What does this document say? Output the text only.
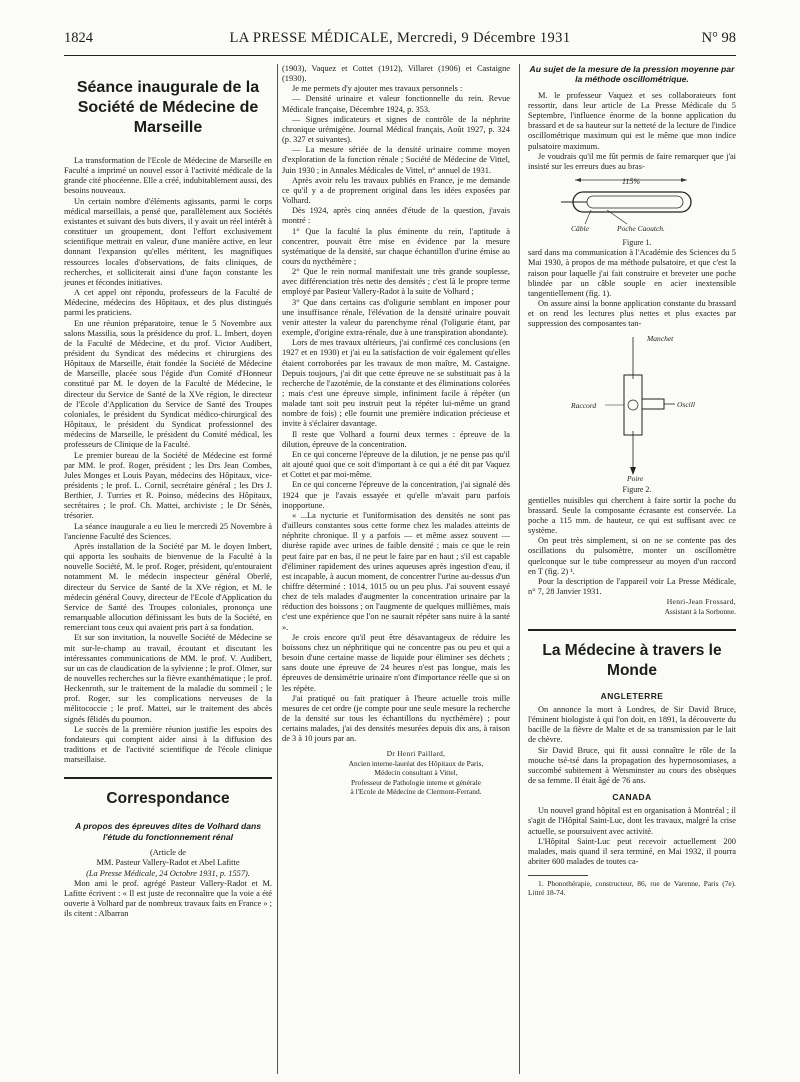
1824	LA PRESSE MÉDICALE, Mercredi, 9 Décembre 1931	N° 98
Séance inaugurale de la Société de Médecine de Marseille

La transformation de l'Ecole de Médecine de Marseille en Faculté a imprimé un nouvel essor à l'activité médicale de la grande cité phocéenne. Elle a créé, indubitablement aussi, des besoins nouveaux.

Un certain nombre d'éléments agissants, parmi le corps médical marseillais, a pensé que, parallèlement aux Sociétés existantes et suivant des buts divers, il y avait un réel intérêt à constituer un groupement, dont l'effort exclusivement scientifique mettrait en valeur, d'une manière active, en leur donnant l'expansion qu'elles méritent, les magnifiques ressources locales d'observations, de faits cliniques, de recherches, et solliciterait ainsi d'une façon constante les jeunes et fécondes initiatives.

A cet appel ont répondu, professeurs de la Faculté de Médecine, médecins des Hôpitaux, et des plus distingués parmi les praticiens.

En une réunion préparatoire, tenue le 5 Novembre aux salons Massilia, sous la présidence du prof. L. Imbert, doyen de la Faculté de Médecine, et du prof. Victor Audibert, président du Syndicat des médecins et chirurgiens des Hôpitaux de Marseille, était fondée la Société de Médecine de Marseille, placée sous l'égide d'un Comité d'Honneur constitué par M. le doyen de la Faculté de Médecine, le directeur du Service de Santé de la XVe région, le directeur de l'Ecole d'Application du Service de Santé des Troupes coloniales, le président du Syndicat médico-chirurgical des Hôpitaux, le président du Syndicat professionnel des médecins de Marseille, le président du Comité médical, les professeurs de Clinique de la Faculté.

Le premier bureau de la Société de Médecine est formé par MM. le prof. Roger, président ; les Drs Jean Combes, Jules Monges et Louis Payan, médecins des Hôpitaux, vice-présidents ; le prof. L. Cornil, secrétaire général ; les Drs J. Berthier, J. Turries et R. Poinso, médecins des Hôpitaux, secrétaires ; le prof. Ch. Mattei, archiviste ; le Dr Sénès, trésorier.

La séance inaugurale a eu lieu le mercredi 25 Novembre à l'ancienne Faculté des Sciences.

Après installation de la Société par M. le doyen Imbert, qui apporta les souhaits de bienvenue de la Faculté à la nouvelle Société, M. le prof. Roger, président, qu'entouraient notamment M. le médecin inspecteur général Oberlé, directeur du Service de Santé de la XVe région, et M. le médecin général Couvy, directeur de l'Ecole d'Application du Service de Santé des Troupes coloniales, prononça une remarquable allocution définissant les buts de la Société, en remerciant tous ceux qui avaient pris part à sa fondation.

Et sur son invitation, la nouvelle Société de Médecine se mit sur-le-champ au travail, écoutant et discutant les intéressantes communications de MM. le prof. V. Audibert, sur un cas de claudication de la sylvienne ; le prof. Olmer, sur de nouvelles recherches sur la fièvre exanthématique ; le prof. Heckenroth, sur le traitement de la maladie du sommeil ; le prof. Roger, sur les complications nerveuses de la mélitococcie ; le prof. Mattei, sur le traitement des abcès signés fêlidés du poumon.

Le succès de la première réunion justifie les espoirs des fondateurs qui comptent aider ainsi à la diffusion des traditions et de l'activité scientifique de l'école clinique marseillaise.

Correspondance
A propos des épreuves dites de Volhard dans l'étude du fonctionnement rénal

(Article de

MM. Pasteur Vallery-Radot et Abel Lafitte

(La Presse Médicale, 24 Octobre 1931, p. 1557).

Mon ami le prof. agrégé Pasteur Vallery-Radot et M. Lafitte écrivent : « Il est juste de reconnaître que la voie a été ouverte à Volhard par de nombreux travaux faits en France » ; ils citent : Albarran

(1903), Vaquez et Cottet (1912), Villaret (1906) et Castaigne (1930).

Je me permets d'y ajouter mes travaux personnels :

— Densité urinaire et valeur fonctionnelle du rein. Revue Médicale française, Décembre 1924, p. 353.

— Signes indicateurs et signes de contrôle de la néphrite chronique urémigène. Journal Médical français, Août 1927, p. 324 (p. 327 et suivantes).

— La mesure sériée de la densité urinaire comme moyen d'exploration de la fonction rénale ; Société de Médecine de Vittel, Juin 1930 ; in Annales Médicales de Vittel, n° annuel de 1931.

Après avoir relu les travaux publiés en France, je me demande ce qu'il y a de proprement original dans les idées exposées par Volhard.

Dès 1924, après cinq années d'étude de la question, j'avais montré :

1° Que la faculté la plus éminente du rein, l'aptitude à concentrer, pouvait être mise en évidence par la mesure systématique de la densité, sur chaque échantillon d'urine émise au cours du nycthémère ;

2° Que le rein normal manifestait une très grande souplesse, avec différenciation très nette des densités ; c'est là le propre terme employé par Pasteur Vallery-Radot à la suite de Volhard ;

3° Que dans certains cas d'oligurie semblant en imposer pour une insuffisance rénale, l'élévation de la densité urinaire pouvait venir attester la valeur du parenchyme rénal (l'oligurie étant, par exemple, d'origine extra-rénale, due à une transpiration abondante).

Lors de mes travaux ultérieurs, j'ai confirmé ces conclusions (en 1927 et en 1930) et j'ai eu la satisfaction de voir également qu'elles étaient corroborées par les travaux de mon maître, M. Castaigne. Depuis toujours, j'ai dit que cette épreuve ne se substituait pas à la recherche de l'azotémie, de la constante et des éliminations colorées ; mais c'est une épreuve simple, infiniment facile à répéter (un malade tant soit peu instruit peut la répéter lui-même un grand nombre de fois) ; elle fournit une première indication précieuse et invite à s'éclairer davantage.

Il reste que Volhard a fourni deux termes : épreuve de la dilution, épreuve de la concentration.

En ce qui concerne l'épreuve de la dilution, je ne pense pas qu'il ait ajouté quoi que ce soit d'important à ce qui a été dit par Vaquez et Cottet et par moi-même.

En ce qui concerne l'épreuve de la concentration, j'ai signalé dès 1924 que je l'avais essayée et qu'elle m'avait paru parfois inopportune.

« ...La nycturie et l'uniformisation des densités ne sont pas d'ailleurs constantes sous cette forme chez les malades atteints de néphrite chronique. Il y a parfois — et même assez souvent — diurèse rapide avec urines de faible densité ; mais ce que le rein peut faire par en bas, il ne peut le faire par en haut ; s'il est capable d'éliminer rapidement des urines aqueuses après ingestion d'eau, il est incapable, à aucun moment, de concentrer l'urine au-dessus d'un chiffre déterminé : 1014, 1015 ou un peu plus. J'ai souvent essayé chez de tels malades d'augmenter la concentration urinaire par la réduction des boissons ; on l'augmente de quelques millièmes, mais c'est une expérience que l'on ne saurait répéter sans nuire à la santé ».

Je crois encore qu'il peut être désavantageux de réduire les boissons chez un néphritique qui ne concentre pas ou peu et qui a besoin d'une certaine masse de liquide pour éliminer ses déchets ; sans doute une épreuve de 24 heures n'est pas longue, mais les épreuves de densimétrie urinaire n'ont d'importance réelle que si on les répète.

J'ai pratiqué ou fait pratiquer à l'heure actuelle trois mille mesures de cet ordre (je compte pour une seule mesure la recherche de la densité sur tous les échantillons du nycthémère) ; pour certains malades, j'ai des densités mesurées depuis dix ans, à raison de 3 à 10 jours par an.

Dr Henri Paillard,
Ancien interne-lauréat des Hôpitaux de Paris,
Médecin consultant à Vittel,
Professeur de Pathologie interne et générale
à l'Ecole de Médecine de Clermont-Ferrand.
Au sujet de la mesure de la pression moyenne par la méthode oscillométrique.

M. le professeur Vaquez et ses collaborateurs font ressortir, dans leur article de La Presse Médicale du 5 Septembre, l'influence énorme de la bonne application du brassard et de sa hauteur sur la netteté de la lecture de l'indice oscillométrique maximum qui est le même que mon indice pulsatoire maximum.

Je voudrais qu'il me fût permis de faire remarquer que j'ai insisté sur les erreurs dues au bras-

115%
Câble	Poche Caoutch.

Figure 1.

sard dans ma communication à l'Académie des Sciences du 5 Mai 1930, à propos de ma méthode pulsatoire, et que c'est la raison pour laquelle j'ai fait construire et breveter une poche blindée par un câble souple en acier inextensible tangentiellement (fig. 1).

On assure ainsi la bonne application constante du brassard et on rend les lectures plus nettes et plus exactes par suppression des composantes tan-

Manchet
Raccord	Oscill
Poire

Figure 2.

gentielles nuisibles qui cherchent à faire sortir la poche du brassard. Seule la composante écrasante est conservée. La poche a 115 mm. de hauteur, ce qui est suffisant avec ce système.

On peut très simplement, si on ne se contente pas des oscillations du pulsomètre, monter un oscillomètre quelconque sur le tube compresseur au moyen d'un raccord en T (fig. 2) ¹.

Pour la description de l'appareil voir La Presse Médicale, n° 7, 28 Janvier 1931.

Henri-Jean Frossard,

Assistant à la Sorbonne.

La Médecine à travers le Monde
ANGLETERRE

On annonce la mort à Londres, de Sir David Bruce, l'éminent biologiste à qui l'on doit, en 1891, la découverte du bacille de la fièvre de Malte et de sa transmission par le lait de chèvre.

Sir David Bruce, qui fit aussi connaître le rôle de la mouche tsé-tsé dans la propagation des hypernosomiases, a succombé subitement à Wetsminster au cours des obsèques de sa femme. Il était âgé de 76 ans.

CANADA

Un nouvel grand hôpital est en organisation à Montréal ; il s'agit de l'Hôpital Saint-Luc, dont les travaux, malgré la crise actuelle, se poursuivent avec activité.

L'Hôpital Saint-Luc peut recevoir actuellement 200 malades, mais quand il sera terminé, en Mai 1932, il pourra abriter 600 malades de toutes ca-

1. Phonothérapie, constructeur, 86, rue de Varenne, Paris (7e). Littré 18-74.
